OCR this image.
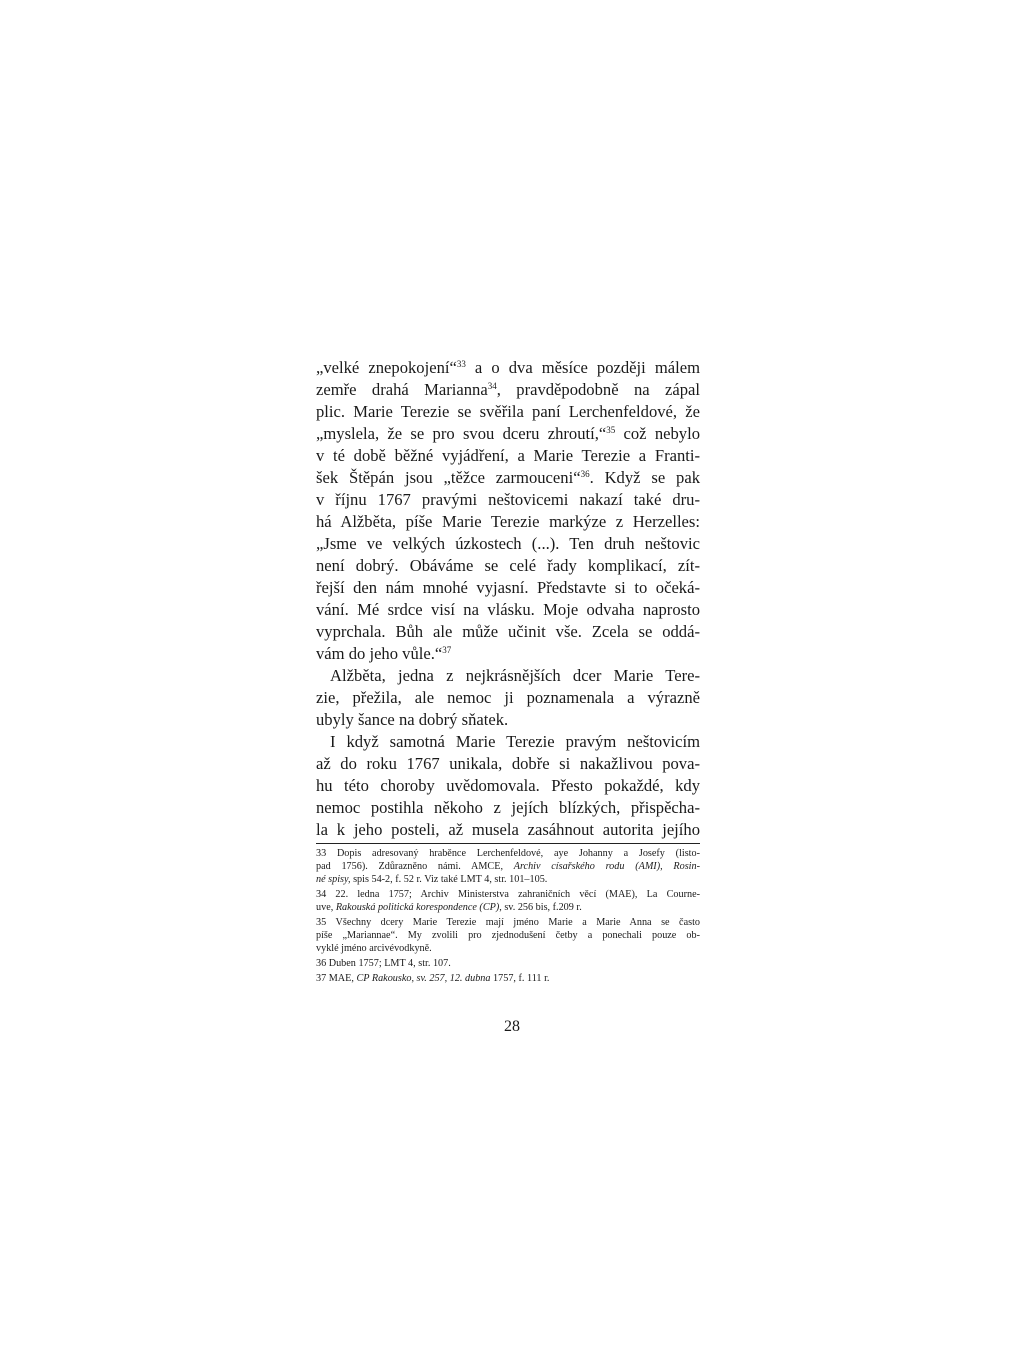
„velké znepokojení“$^{33}$ a o dva měsíce později málem
zemře drahá Marianna$^{34}$, pravděpodobně na zápal
plic. Marie Terezie se svěřila paní Lerchenfeldové, že
„myslela, že se pro svou dceru zhroutí,“$^{35}$ což nebylo
v té době běžné vyjádření, a Marie Terezie a Franti-
šek Štěpán jsou „těžce zarmouceni“$^{36}$. Když se pak
v říjnu 1767 pravými neštovicemi nakazí také dru-
há Alžběta, píše Marie Terezie markýze z Herzelles:
„Jsme ve velkých úzkostech (...). Ten druh neštovic
není dobrý. Obáváme se celé řady komplikací, zít-
řejší den nám mnohé vyjasní. Představte si to očeká-
vání. Mé srdce visí na vlásku. Moje odvaha naprosto
vyprchala. Bůh ale může učinit vše. Zcela se oddá-
vám do jeho vůle.“$^{37}$
Alžběta, jedna z nejkrásnějších dcer Marie Tere-
zie, přežila, ale nemoc ji poznamenala a výrazně
ubyly šance na dobrý sňatek.
I když samotná Marie Terezie pravým neštovicím
až do roku 1767 unikala, dobře si nakažlivou pova-
hu této choroby uvědomovala. Přesto pokaždé, kdy
nemoc postihla někoho z jejích blízkých, přispěcha-
la k jeho posteli, až musela zasáhnout autorita jejího
33 Dopis adresovaný hraběnce Lerchenfeldové, aye Johanny a Josefy (listo-
pad 1756). Zdůrazněno námi. AMCE, Archiv císařského rodu (AMI), Rosin-
né spisy, spis 54-2, f. 52 r. Viz také LMT 4, str. 101–105.
34 22. ledna 1757; Archiv Ministerstva zahraničních věcí (MAE), La Courne-
uve, Rakouská politická korespondence (CP), sv. 256 bis, f.209 r.
35 Všechny dcery Marie Terezie mají jméno Marie a Marie Anna se často
píše „Mariannae“. My zvolili pro zjednodušení četby a ponechali pouze ob-
vyklé jméno arcivévodkyně.
36 Duben 1757; LMT 4, str. 107.
37 MAE, CP Rakousko, sv. 257, 12. dubna 1757, f. 111 r.
28
